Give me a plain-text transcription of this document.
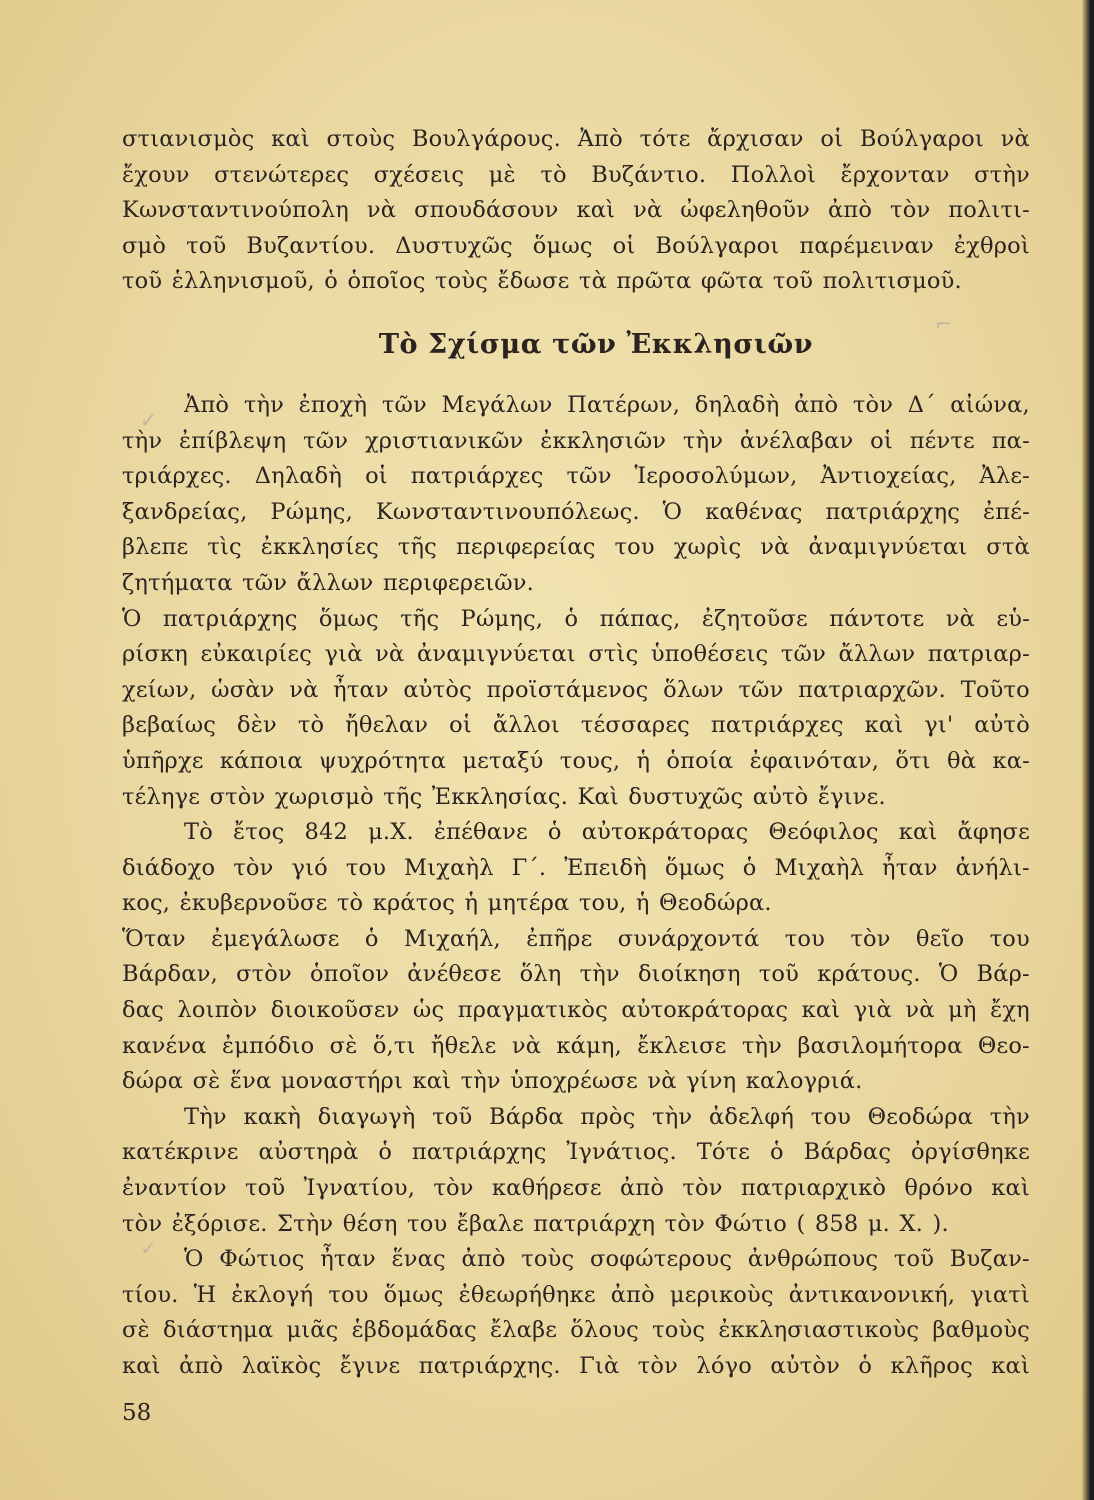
⌐
✓
✓
στιανισμὸς καὶ στοὺς Βουλγάρους. Ἀπὸ τότε ἄρχισαν οἱ Βούλγαροι νὰ
ἔχουν στενώτερες σχέσεις μὲ τὸ Βυζάντιο. Πολλοὶ ἔρχονταν στὴν
Κωνσταντινούπολη νὰ σπουδάσουν καὶ νὰ ὠφεληθοῦν ἀπὸ τὸν πολιτι-
σμὸ τοῦ Βυζαντίου. Δυστυχῶς ὅμως οἱ Βούλγαροι παρέμειναν ἐχθροὶ
τοῦ ἑλληνισμοῦ, ὁ ὁποῖος τοὺς ἔδωσε τὰ πρῶτα φῶτα τοῦ πολιτισμοῦ.
Τὸ Σχίσμα τῶν Ἐκκλησιῶν
Ἀπὸ τὴν ἐποχὴ τῶν Μεγάλων Πατέρων, δηλαδὴ ἀπὸ τὸν Δ΄ αἰώνα,
τὴν ἐπίβλεψη τῶν χριστιανικῶν ἐκκλησιῶν τὴν ἀνέλαβαν οἱ πέντε πα-
τριάρχες. Δηλαδὴ οἱ πατριάρχες τῶν Ἱεροσολύμων, Ἀντιοχείας, Ἀλε-
ξανδρείας, Ρώμης, Κωνσταντινουπόλεως. Ὁ καθένας πατριάρχης ἐπέ-
βλεπε τὶς ἐκκλησίες τῆς περιφερείας του χωρὶς νὰ ἀναμιγνύεται στὰ
ζητήματα τῶν ἄλλων περιφερειῶν.
Ὁ πατριάρχης ὅμως τῆς Ρώμης, ὁ πάπας, ἐζητοῦσε πάντοτε νὰ εὑ-
ρίσκη εὐκαιρίες γιὰ νὰ ἀναμιγνύεται στὶς ὑποθέσεις τῶν ἄλλων πατριαρ-
χείων, ὡσὰν νὰ ἦταν αὐτὸς προϊστάμενος ὅλων τῶν πατριαρχῶν. Τοῦτο
βεβαίως δὲν τὸ ἤθελαν οἱ ἄλλοι τέσσαρες πατριάρχες καὶ γι' αὐτὸ
ὑπῆρχε κάποια ψυχρότητα μεταξύ τους, ἡ ὁποία ἐφαινόταν, ὅτι θὰ κα-
τέληγε στὸν χωρισμὸ τῆς Ἐκκλησίας. Καὶ δυστυχῶς αὐτὸ ἔγινε.
Τὸ ἔτος 842 μ.Χ. ἐπέθανε ὁ αὐτοκράτορας Θεόφιλος καὶ ἄφησε
διάδοχο τὸν γιό του Μιχαὴλ Γ΄. Ἐπειδὴ ὅμως ὁ Μιχαὴλ ἦταν ἀνήλι-
κος, ἐκυβερνοῦσε τὸ κράτος ἡ μητέρα του, ἡ Θεοδώρα.
Ὅταν ἐμεγάλωσε ὁ Μιχαήλ, ἐπῆρε συνάρχοντά του τὸν θεῖο του
Βάρδαν, στὸν ὁποῖον ἀνέθεσε ὅλη τὴν διοίκηση τοῦ κράτους. Ὁ Βάρ-
δας λοιπὸν διοικοῦσεν ὡς πραγματικὸς αὐτοκράτορας καὶ γιὰ νὰ μὴ ἔχη
κανένα ἐμπόδιο σὲ ὅ,τι ἤθελε νὰ κάμη, ἔκλεισε τὴν βασιλομήτορα Θεο-
δώρα σὲ ἕνα μοναστήρι καὶ τὴν ὑποχρέωσε νὰ γίνη καλογριά.
Τὴν κακὴ διαγωγὴ τοῦ Βάρδα πρὸς τὴν ἀδελφή του Θεοδώρα τὴν
κατέκρινε αὐστηρὰ ὁ πατριάρχης Ἰγνάτιος. Τότε ὁ Βάρδας ὀργίσθηκε
ἐναντίον τοῦ Ἰγνατίου, τὸν καθήρεσε ἀπὸ τὸν πατριαρχικὸ θρόνο καὶ
τὸν ἐξόρισε. Στὴν θέση του ἔβαλε πατριάρχη τὸν Φώτιο ( 858 μ. Χ. ).
Ὁ Φώτιος ἦταν ἕνας ἀπὸ τοὺς σοφώτερους ἀνθρώπους τοῦ Βυζαν-
τίου. Ἡ ἐκλογή του ὅμως ἐθεωρήθηκε ἀπὸ μερικοὺς ἀντικανονική, γιατὶ
σὲ διάστημα μιᾶς ἑβδομάδας ἔλαβε ὅλους τοὺς ἐκκλησιαστικοὺς βαθμοὺς
καὶ ἀπὸ λαϊκὸς ἔγινε πατριάρχης. Γιὰ τὸν λόγο αὐτὸν ὁ κλῆρος καὶ
58
